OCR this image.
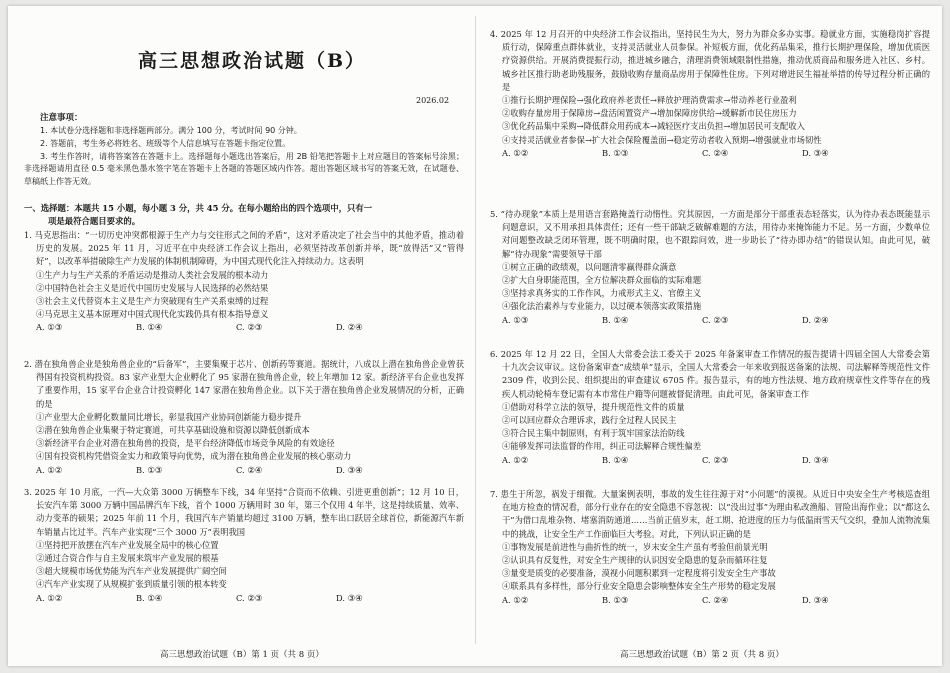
高三思想政治试题（B）
2026.02
注意事项：

1. 本试卷分选择题和非选择题两部分。满分 100 分，考试时间 90 分钟。

2. 答题前，考生务必将姓名、班级等个人信息填写在答题卡指定位置。

3. 考生作答时，请将答案答在答题卡上。选择题每小题选出答案后，用 2B 铅笔把答题卡上对应题目的答案标号涂黑；非选择题请用直径 0.5 毫米黑色墨水签字笔在答题卡上各题的答题区域内作答。超出答题区域书写的答案无效，在试题卷、草稿纸上作答无效。

一、选择题：本题共 15 小题，每小题 3 分，共 45 分。在每小题给出的四个选项中，只有一
项是最符合题目要求的。

1. 马克思指出：“一切历史冲突都根源于生产力与交往形式之间的矛盾”，这对矛盾决定了社会当中的其他矛盾，推动着历史的发展。2025 年 11 月，习近平在中央经济工作会议上指出，必须坚持改革创新并举，既“放得活”又“管得好”，以改革举措破除生产力发展的体制机制障碍，为中国式现代化注入持续动力。这表明

①生产力与生产关系的矛盾运动是推动人类社会发展的根本动力

②中国特色社会主义是近代中国历史发展与人民选择的必然结果

③社会主义代替资本主义是生产力突破现有生产关系束缚的过程

④马克思主义基本原理对中国式现代化实践仍具有根本指导意义

A. ①③	B. ①④	C. ②③	D. ②④

2. 潜在独角兽企业是独角兽企业的“后备军”，主要集聚于芯片、创新药等赛道。据统计，八成以上潜在独角兽企业曾获得国有投资机构投资。83 家产业型大企业孵化了 95 家潜在独角兽企业，较上年增加 12 家。新经济平台企业也发挥了重要作用，15 家平台企业合计投资孵化 147 家潜在独角兽企业。以下关于潜在独角兽企业发展情况的分析，正确的是

①产业型大企业孵化数量同比增长，彰显我国产业协同创新能力稳步提升

②潜在独角兽企业集聚于特定赛道，可共享基础设施和资源以降低创新成本

③新经济平台企业对潜在独角兽的投资，是平台经济降低市场竞争风险的有效途径

④国有投资机构凭借资金实力和政策导向优势，成为潜在独角兽企业发展的核心驱动力

A. ①②	B. ①③	C. ②④	D. ③④

3. 2025 年 10 月底，一汽—大众第 3000 万辆整车下线，34 年坚持“合资而不依赖、引进更重创新”；12 月 10 日，长安汽车第 3000 万辆中国品牌汽车下线，首个 1000 万辆用时 30 年，第三个仅用 4 年半，这是持续质量、效率、动力变革的硕果；2025 年前 11 个月，我国汽车产销量均超过 3100 万辆，整车出口跃居全球首位，新能源汽车新车销量占比过半。汽车产业实现“三个 3000 万”表明我国

①坚持把开放摆在汽车产业发展全局中的核心位置

②通过合资合作与自主发展来筑牢产业发展的根基

③超大规模市场优势能为汽车产业发展提供广阔空间

④汽车产业实现了从规模扩张到质量引领的根本转变

A. ①②	B. ①④	C. ②③	D. ③④
高三思想政治试题（B）第 1 页（共 8 页）

4. 2025 年 12 月召开的中央经济工作会议指出，坚持民生为大，努力为群众多办实事。稳就业方面，实施稳岗扩容提质行动，保障重点群体就业，支持灵活就业人员参保。补短板方面，优化药品集采，推行长期护理保险，增加优质医疗资源供给。开展消费提振行动，推进城乡融合，清理消费领域限制性措施，推动优质商品和服务进入社区、乡村。城乡社区推行助老助残服务，鼓励收购存量商品房用于保障性住房。下列对增进民生福祉举措的传导过程分析正确的是

①推行长期护理保险→强化政府养老责任→释放护理消费需求→带动养老行业盈利

②收购存量房用于保障房→盘活闲置资产→增加保障房供给→缓解新市民住房压力

③优化药品集中采购→降低群众用药成本→减轻医疗支出负担→增加居民可支配收入

④支持灵活就业者参保→扩大社会保险覆盖面→稳定劳动者收入预期→增强就业市场韧性

A. ①②	B. ①③	C. ②④	D. ③④

5. “待办现象”本质上是用语言套路掩盖行动惰性。究其原因，一方面是部分干部重表态轻落实，认为待办表态既能显示问题意识，又不用承担具体责任；还有一些干部缺乏破解难题的方法，用待办来掩饰能力不足。另一方面，少数单位对问题整改缺乏闭环管理，既不明确时限，也不跟踪问效，进一步助长了“待办即办结”的错误认知。由此可见，破解“待办现象”需要领导干部

①树立正确的政绩观，以问题清零赢得群众满意

②扩大自身职能范围，全方位解决群众面临的实际难题

③坚持求真务实的工作作风，力戒形式主义、官僚主义

④强化法治素养与专业能力，以过硬本领落实政策措施

A. ①③	B. ①④	C. ②③	D. ②④

6. 2025 年 12 月 22 日，全国人大常委会法工委关于 2025 年备案审查工作情况的报告提请十四届全国人大常委会第十九次会议审议。这份备案审查“成绩单”显示，全国人大常委会一年来收到报送备案的法规、司法解释等规范性文件 2309 件，收到公民、组织提出的审查建议 6705 件。报告显示，有的地方性法规、地方政府规章性文件等存在的残疾人机动轮椅车登记需有本市常住户籍等问题被督促清理。由此可见，备案审查工作

①借助对科学立法的领导，提升规范性文件的质量

②可以回应群众合理诉求，践行全过程人民民主

③符合民主集中制原则，有利于筑牢国家法治防线

④能够发挥司法监督的作用，纠正司法解释合规性偏差

A. ①②	B. ①④	C. ②③	D. ③④

7. 患生于所忽，祸发于细微。大量案例表明，事故的发生往往源于对“小问题”的漠视。从近日中央安全生产考核巡查组在地方检查的情况看，部分行业存在的安全隐患不容忽视：以“没出过事”为理由私改渔船、冒险出海作业；以“都这么干”为借口乱堆杂物、堵塞消防通道……当前正值岁末，赶工期、抢进度的压力与低温雨雪天气交织，叠加人流物流集中的挑战，让安全生产工作面临巨大考验。对此，下列认识正确的是

①事物发展是前进性与曲折性的统一，岁末安全生产虽有考验但前景光明

②认识具有反复性，对安全生产规律的认识因安全隐患的复杂而循环往复

③量变是质变的必要准备，漠视小问题积累到一定程度将引发安全生产事故

④联系具有多样性，部分行业安全隐患会影响整体安全生产形势的稳定发展

A. ①②	B. ①③	C. ②④	D. ③④
高三思想政治试题（B）第 2 页（共 8 页）
